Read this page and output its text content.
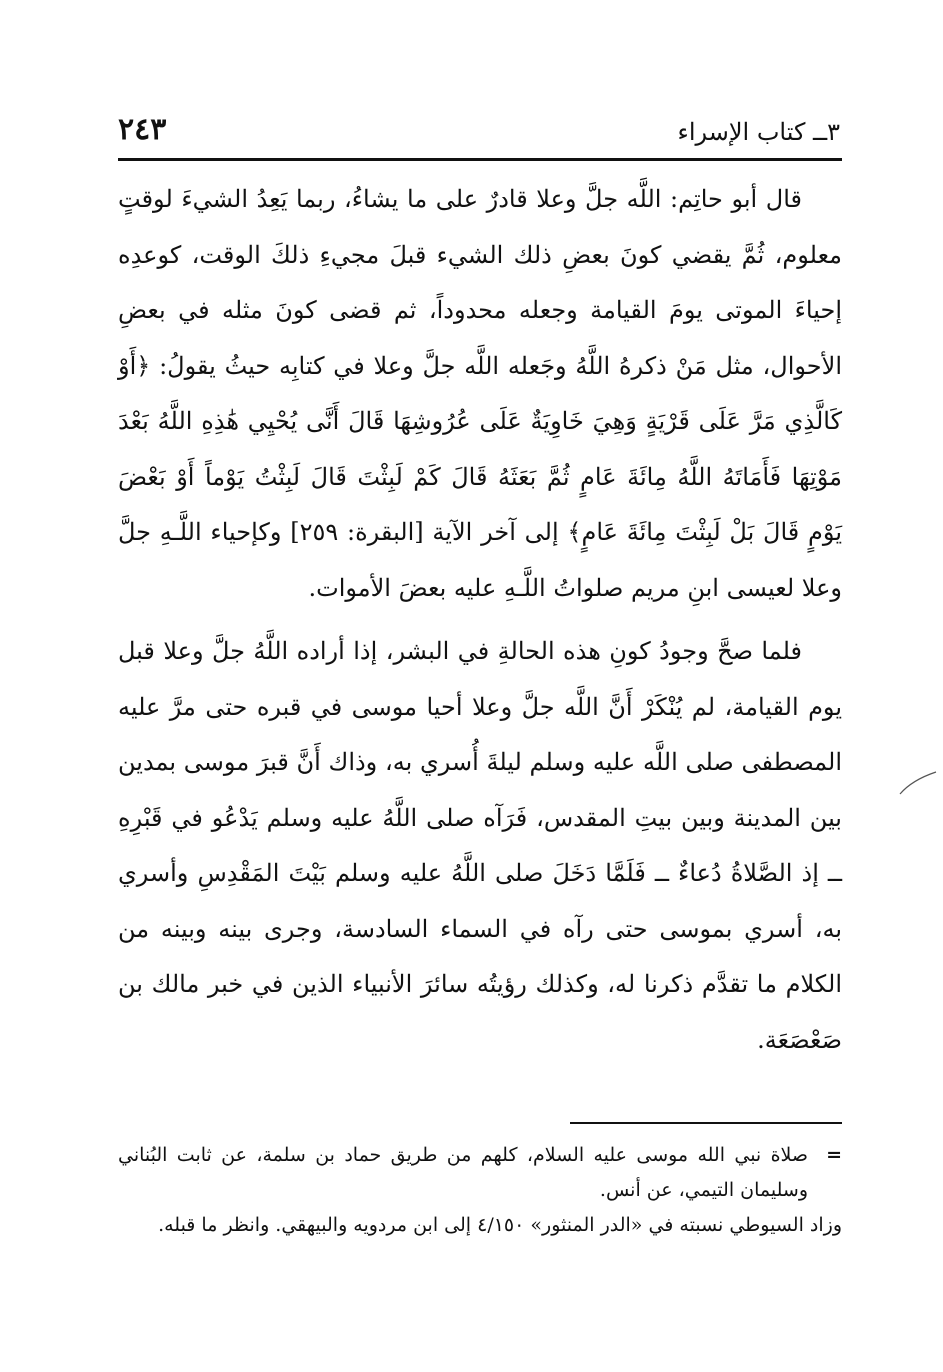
٣ــ كتاب الإسراء
٢٤٣

قال أبو حاتِم: اللَّه جلَّ وعلا قادرٌ على ما يشاءُ، ربما يَعِدُ الشيءَ لوقتٍ معلوم، ثُمَّ يقضي كونَ بعضِ ذلك الشيء قبلَ مجيءِ ذلكَ الوقت، كوعدِه إحياءَ الموتى يومَ القيامة وجعله محدوداً، ثم قضى كونَ مثله في بعضِ الأحوال، مثل مَنْ ذكرهُ اللَّهُ وجَعله اللَّه جلَّ وعلا في كتابِه حيثُ يقولُ: ﴿أَوْ كَالَّذِي مَرَّ عَلَى قَرْيَةٍ وَهِيَ خَاوِيَةٌ عَلَى عُرُوشِهَا قَالَ أَنَّى يُحْيِي هَٰذِهِ اللَّهُ بَعْدَ مَوْتِهَا فَأَمَاتَهُ اللَّهُ مِائَةَ عَامٍ ثُمَّ بَعَثَهُ قَالَ كَمْ لَبِثْتَ قَالَ لَبِثْتُ يَوْماً أَوْ بَعْضَ يَوْمٍ قَالَ بَلْ لَبِثْتَ مِائَةَ عَامٍ﴾ إلى آخر الآية [البقرة: ٢٥٩] وكإحياء اللَّـهِ جلَّ وعلا لعيسى ابنِ مريم صلواتُ اللَّـهِ عليه بعضَ الأموات.

فلما صحَّ وجودُ كونِ هذه الحالةِ في البشر، إذا أراده اللَّهُ جلَّ وعلا قبل يوم القيامة، لم يُنْكَرْ أَنَّ اللَّه جلَّ وعلا أحيا موسى في قبره حتى مرَّ عليه المصطفى صلى اللَّه عليه وسلم ليلةَ أُسري به، وذاك أَنَّ قبرَ موسى بمدين بين المدينة وبين بيتِ المقدس، فَرَآه صلى اللَّهُ عليه وسلم يَدْعُو في قَبْرِهِ ــ إذ الصَّلاةُ دُعاءٌ ــ فَلَمَّا دَخَلَ صلى اللَّهُ عليه وسلم بَيْتَ المَقْدِسِ وأسري به، أسري بموسى حتى رآه في السماء السادسة، وجرى بينه وبينه من الكلام ما تقدَّم ذكرنا له، وكذلك رؤيتُه سائرَ الأنبياء الذين في خبر مالك بن صَعْصَعَة.

=
صلاة نبي الله موسى عليه السلام، كلهم من طريق حماد بن سلمة، عن ثابت البُناني وسليمان التيمي، عن أنس.

وزاد السيوطي نسبته في «الدر المنثور» ٤/١٥٠ إلى ابن مردويه والبيهقي. وانظر ما قبله.
